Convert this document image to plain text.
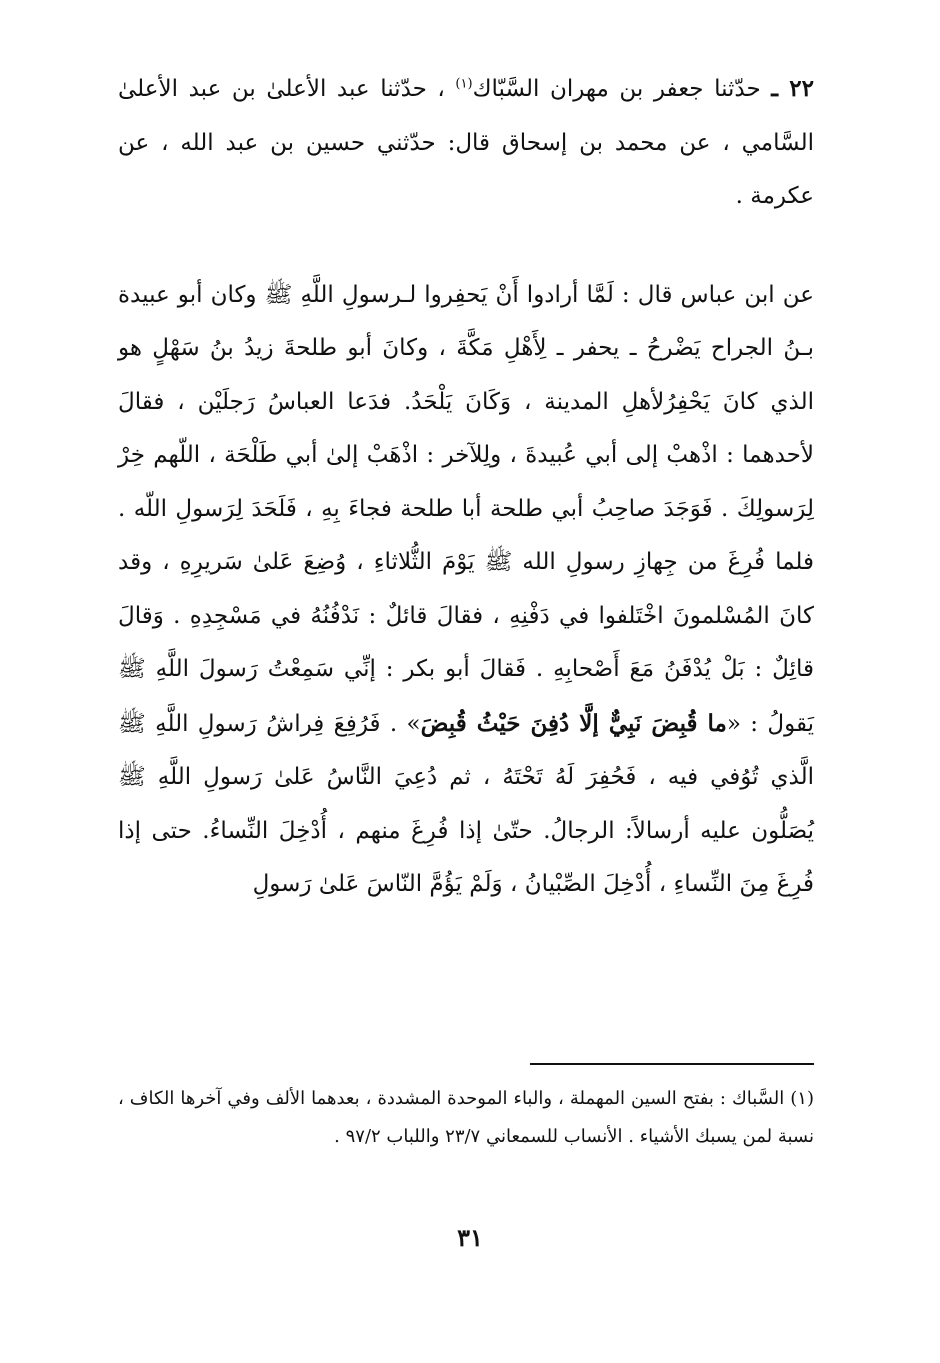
٢٢ ـ حدّثنا جعفر بن مهران السَّبّاك$^{(١)}$ ، حدّثنا عبد الأعلىٰ بن عبد الأعلىٰ السَّامي ، عن محمد بن إسحاق قال: حدّثني حسين بن عبد الله ، عن عكرمة .

عن ابن عباس قال : لَمَّا أرادوا أَنْ يَحفِروا لـرسولِ اللَّهِ ﷺ وكان أبو عبيدة بـنُ الجراح يَضْرحُ ـ يحفر ـ لِأَهْلِ مَكَّةَ ، وكانَ أبو طلحةَ زيدُ بنُ سَهْلٍ هو الذي كانَ يَحْفِرُلأهلِ المدينة ، وَكَانَ يَلْحَدُ. فدَعا العباسُ رَجلَيْن ، فقالَ لأحدهما : اذْهبْ إلى أبي عُبيدةَ ، ولِلآخر : اذْهَبْ إلىٰ أبي طَلْحَة ، اللّهم خِرْ لِرَسولِكَ . فَوَجَدَ صاحِبُ أبي طلحة أبا طلحة فجاءَ بِهِ ، فَلَحَدَ لِرَسولِ اللّه . فلما فُرِغَ من جِهازِ رسولِ الله ﷺ يَوْمَ الثُّلاثاءِ ، وُضِعَ عَلىٰ سَريرِهِ ، وقد كانَ المُسْلمونَ اخْتَلفوا في دَفْنِهِ ، فقالَ قائلٌ : نَدْفُنُهُ في مَسْجِدِهِ . وَقالَ قائِلٌ : بَلْ يُدْفَنُ مَعَ أَصْحابِهِ . فَقالَ أبو بكر : إنِّي سَمِعْتُ رَسولَ اللَّهِ ﷺ يَقولُ : «ما قُبِضَ نَبِيٌّ إلَّا دُفِنَ حَيْثُ قُبِضَ» . فَرُفِعَ فِراشُ رَسولِ اللَّهِ ﷺ الَّذي تُوُفي فيه ، فَحُفِرَ لَهُ تَحْتَهُ ، ثم دُعِيَ النَّاسُ عَلىٰ رَسولِ اللَّهِ ﷺ يُصَلُّون عليه أرسالاً: الرجالُ. حتّىٰ إذا فُرِغَ منهم ، أُدْخِلَ النِّساءُ. حتى إذا فُرِغَ مِنَ النِّساءِ ، أُدْخِلَ الصِّبْيانُ ، وَلَمْ يَؤُمَّ النّاسَ عَلىٰ رَسولِ

(١) السَّباك : بفتح السين المهملة ، والباء الموحدة المشددة ، بعدهما الألف وفي آخرها الكاف ، نسبة لمن يسبك الأشياء . الأنساب للسمعاني ٢٣/٧ واللباب ٩٧/٢ .

٣١
